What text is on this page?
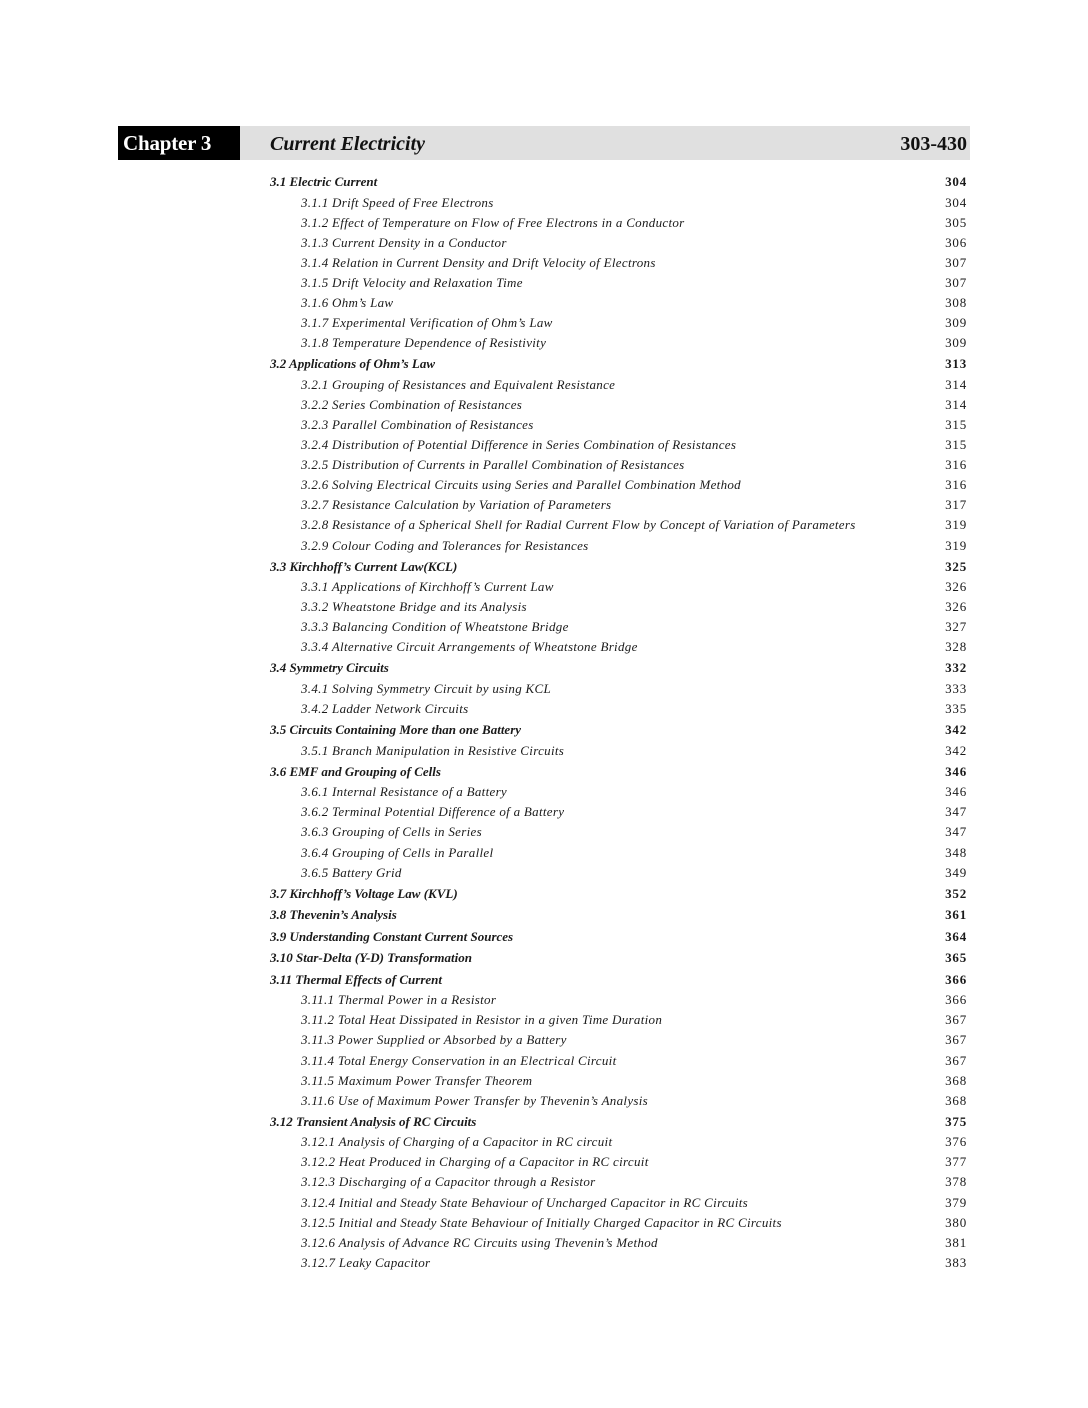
Chapter 3	Current Electricity	303-430
3.1 Electric Current	304
3.1.1 Drift Speed of Free Electrons	304
3.1.2 Effect of Temperature on Flow of Free Electrons in a Conductor	305
3.1.3 Current Density in a Conductor	306
3.1.4 Relation in Current Density and Drift Velocity of Electrons	307
3.1.5 Drift Velocity and Relaxation Time	307
3.1.6 Ohm’s Law	308
3.1.7 Experimental Verification of Ohm’s Law	309
3.1.8 Temperature Dependence of Resistivity	309
3.2 Applications of Ohm’s Law	313
3.2.1 Grouping of Resistances and Equivalent Resistance	314
3.2.2 Series Combination of Resistances	314
3.2.3 Parallel Combination of Resistances	315
3.2.4 Distribution of Potential Difference in Series Combination of Resistances	315
3.2.5 Distribution of Currents in Parallel Combination of Resistances	316
3.2.6 Solving Electrical Circuits using Series and Parallel Combination Method	316
3.2.7 Resistance Calculation by Variation of Parameters	317
3.2.8 Resistance of a Spherical Shell for Radial Current Flow by Concept of Variation of Parameters	319
3.2.9 Colour Coding and Tolerances for Resistances	319
3.3 Kirchhoff’s Current Law(KCL)	325
3.3.1 Applications of Kirchhoff’s Current Law	326
3.3.2 Wheatstone Bridge and its Analysis	326
3.3.3 Balancing Condition of Wheatstone Bridge	327
3.3.4 Alternative Circuit Arrangements of Wheatstone Bridge	328
3.4 Symmetry Circuits	332
3.4.1 Solving Symmetry Circuit by using KCL	333
3.4.2 Ladder Network Circuits	335
3.5 Circuits Containing More than one Battery	342
3.5.1 Branch Manipulation in Resistive Circuits	342
3.6 EMF and Grouping of Cells	346
3.6.1 Internal Resistance of a Battery	346
3.6.2 Terminal Potential Difference of a Battery	347
3.6.3 Grouping of Cells in Series	347
3.6.4 Grouping of Cells in Parallel	348
3.6.5 Battery Grid	349
3.7 Kirchhoff’s Voltage Law (KVL)	352
3.8 Thevenin’s Analysis	361
3.9 Understanding Constant Current Sources	364
3.10 Star-Delta (Y-D) Transformation	365
3.11 Thermal Effects of Current	366
3.11.1 Thermal Power in a Resistor	366
3.11.2 Total Heat Dissipated in Resistor in a given Time Duration	367
3.11.3 Power Supplied or Absorbed by a Battery	367
3.11.4 Total Energy Conservation in an Electrical Circuit	367
3.11.5 Maximum Power Transfer Theorem	368
3.11.6 Use of Maximum Power Transfer by Thevenin’s Analysis	368
3.12 Transient Analysis of RC Circuits	375
3.12.1 Analysis of Charging of a Capacitor in RC circuit	376
3.12.2 Heat Produced in Charging of a Capacitor in RC circuit	377
3.12.3 Discharging of a Capacitor through a Resistor	378
3.12.4 Initial and Steady State Behaviour of Uncharged Capacitor in RC Circuits	379
3.12.5 Initial and Steady State Behaviour of Initially Charged Capacitor in RC Circuits	380
3.12.6 Analysis of Advance RC Circuits using Thevenin’s Method	381
3.12.7 Leaky Capacitor	383
